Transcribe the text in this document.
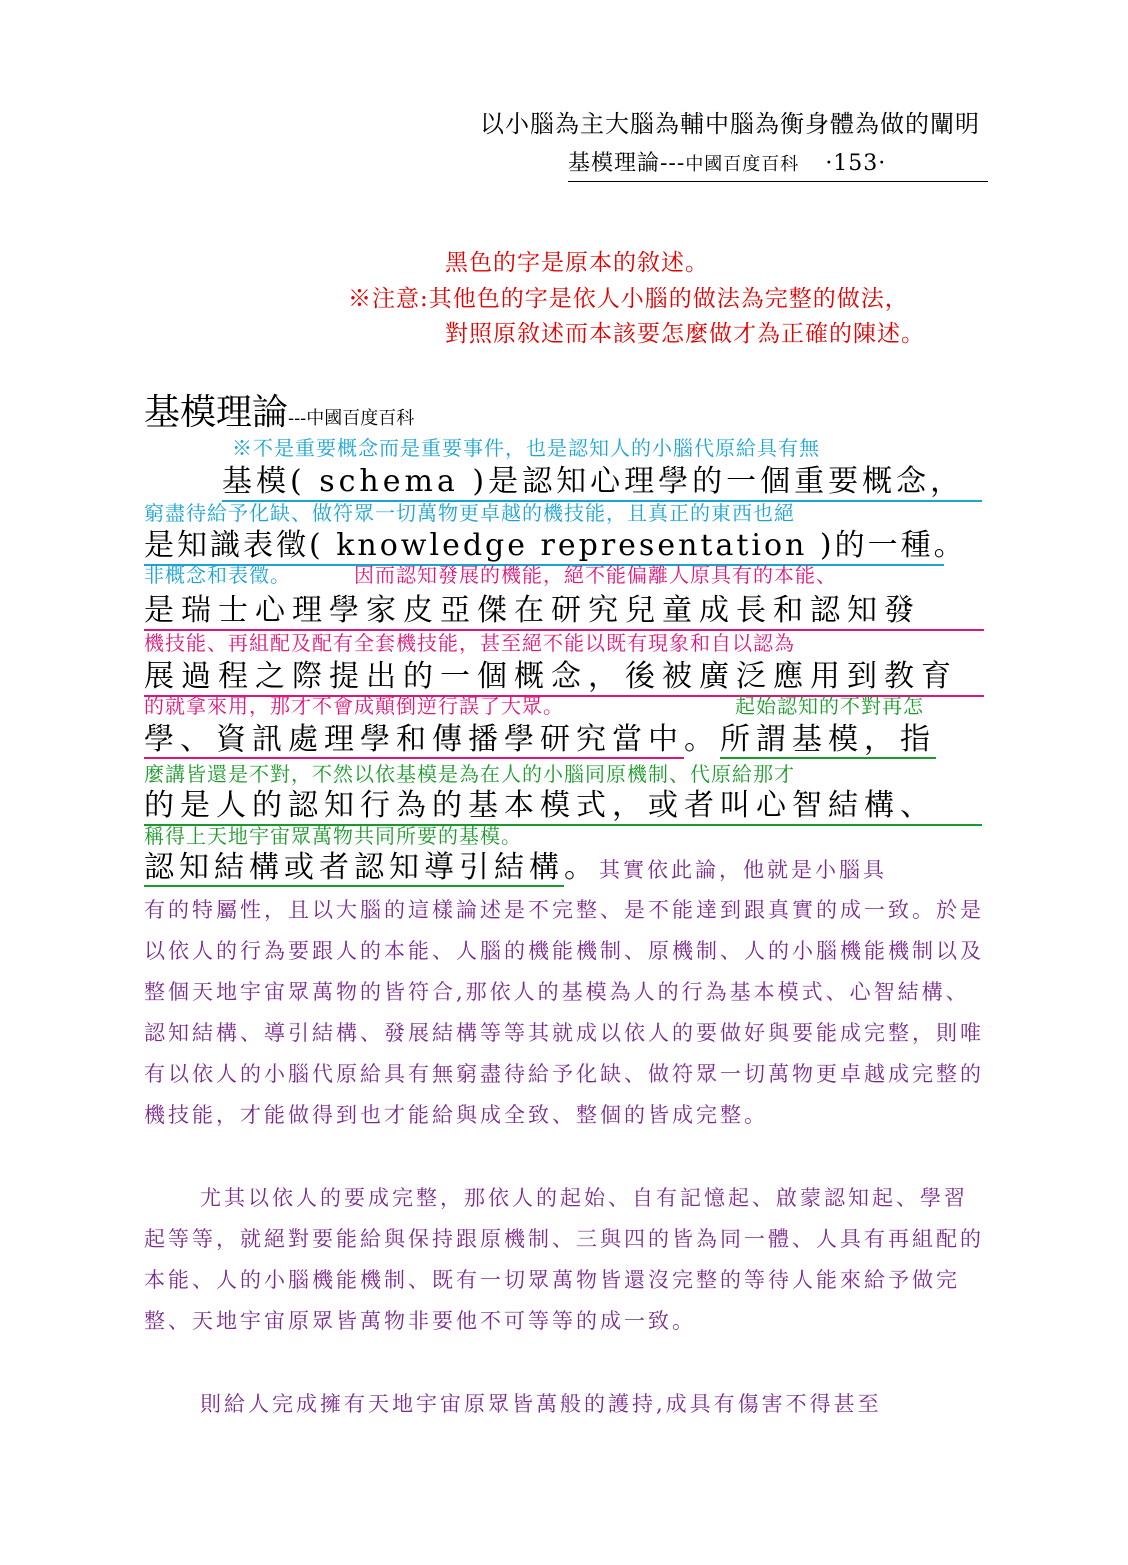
以小腦為主大腦為輔中腦為衡身體為做的闡明
基模理論---中國百度百科 ·153·
黑色的字是原本的敘述。
※注意:其他色的字是依人小腦的做法為完整的做法，
對照原敘述而本該要怎麼做才為正確的陳述。
基模理論---中國百度百科
※不是重要概念而是重要事件，也是認知人的小腦代原給具有無
基模( schema )是認知心理學的一個重要概念，
窮盡待給予化缺、做符眾一切萬物更卓越的機技能，且真正的東西也絕
是知識表徵( knowledge representation )的一種。
非概念和表徵。	因而認知發展的機能，絕不能偏離人原具有的本能、
是瑞士心理學家皮亞傑在研究兒童成長和認知發
機技能、再組配及配有全套機技能，甚至絕不能以既有現象和自以認為
展過程之際提出的一個概念，後被廣泛應用到教育
的就拿來用，那才不會成顛倒逆行誤了大眾。	起始認知的不對再怎
學、資訊處理學和傳播學研究當中。所謂基模，指
麼講皆還是不對，不然以依基模是為在人的小腦同原機制、代原給那才
的是人的認知行為的基本模式，或者叫心智結構、
稱得上天地宇宙眾萬物共同所要的基模。
認知結構或者認知導引結構。其實依此論，他就是小腦具
有的特屬性，且以大腦的這樣論述是不完整、是不能達到跟真實的成一致。於是以依人的行為要跟人的本能、人腦的機能機制、原機制、人的小腦機能機制以及整個天地宇宙眾萬物的皆符合,那依人的基模為人的行為基本模式、心智結構、認知結構、導引結構、發展結構等等其就成以依人的要做好與要能成完整，則唯有以依人的小腦代原給具有無窮盡待給予化缺、做符眾一切萬物更卓越成完整的機技能，才能做得到也才能給與成全致、整個的皆成完整。
尤其以依人的要成完整，那依人的起始、自有記憶起、啟蒙認知起、學習起等等，就絕對要能給與保持跟原機制、三與四的皆為同一體、人具有再組配的本能、人的小腦機能機制、既有一切眾萬物皆還沒完整的等待人能來給予做完整、天地宇宙原眾皆萬物非要他不可等等的成一致。
則給人完成擁有天地宇宙原眾皆萬般的護持,成具有傷害不得甚至
